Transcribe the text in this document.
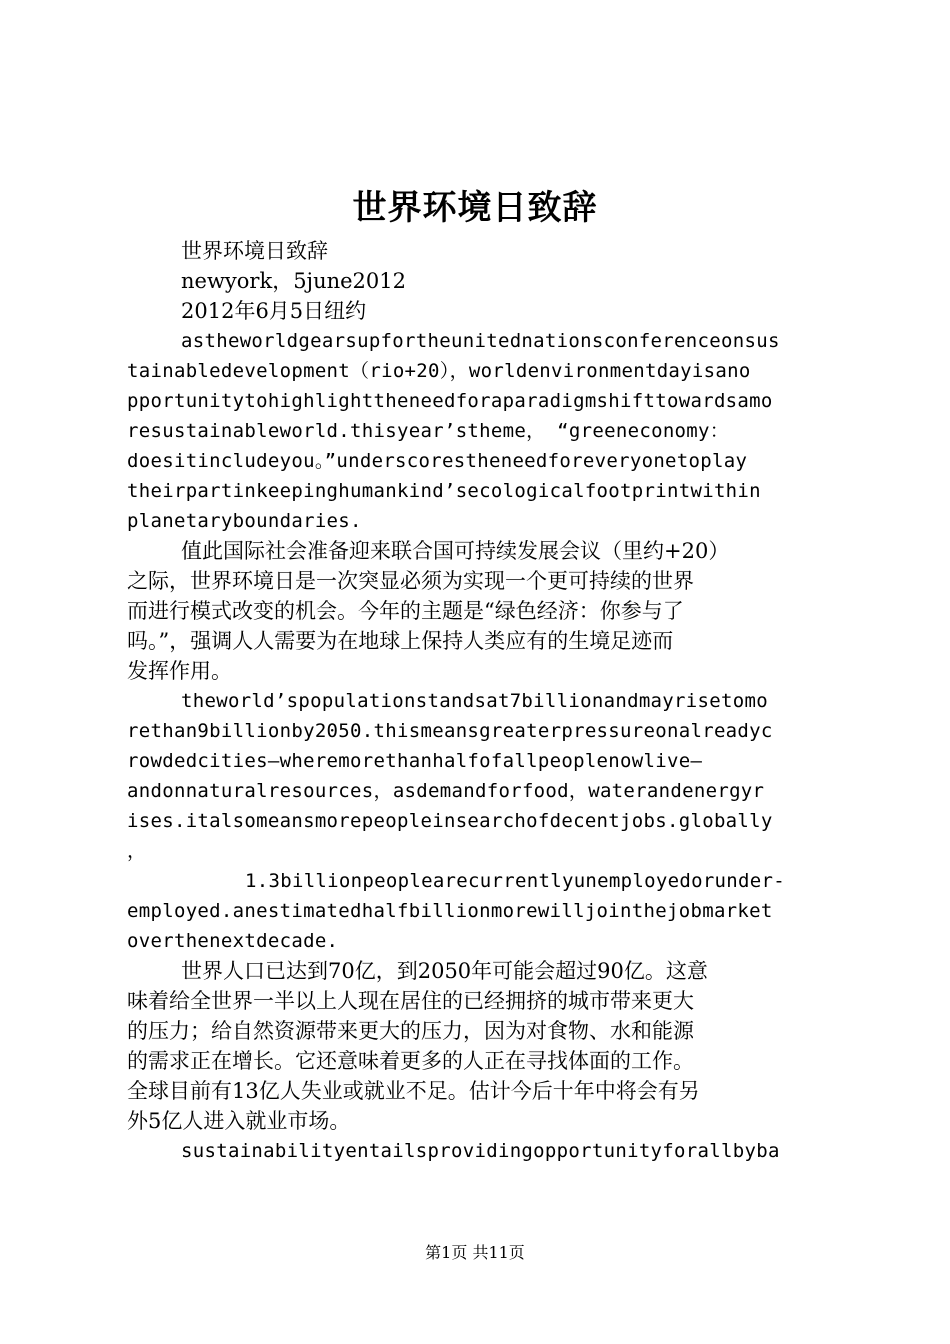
世界环境日致辞
世界环境日致辞
newyork，5june2012
2012年6月5日纽约
astheworldgearsupfortheunitednationsconferenceonsus
tainabledevelopment（rio+20），worldenvironmentdayisano
pportunitytohighlighttheneedforaparadigmshifttowardsamo
resustainableworld.thisyear’stheme， “greeneconomy：
doesitincludeyou。”underscorestheneedforeveryonetoplay
theirpartinkeepinghumankind’secologicalfootprintwithin
planetaryboundaries.
值此国际社会准备迎来联合国可持续发展会议（里约+20）
之际，世界环境日是一次突显必须为实现一个更可持续的世界
而进行模式改变的机会。今年的主题是“绿色经济：你参与了
吗。”，强调人人需要为在地球上保持人类应有的生境足迹而
发挥作用。
theworld’spopulationstandsat7billionandmayrisetomo
rethan9billionby2050.thismeansgreaterpressureonalreadyc
rowdedcities–wheremorethanhalfofallpeoplenowlive–
andonnaturalresources，asdemandforfood，waterandenergyr
ises.italsomeansmorepeopleinsearchofdecentjobs.globally
，
1.3billionpeoplearecurrentlyunemployedorunder-
employed.anestimatedhalfbillionmorewilljointhejobmarket
overthenextdecade.
世界人口已达到70亿，到2050年可能会超过90亿。这意
味着给全世界一半以上人现在居住的已经拥挤的城市带来更大
的压力；给自然资源带来更大的压力，因为对食物、水和能源
的需求正在增长。它还意味着更多的人正在寻找体面的工作。
全球目前有13亿人失业或就业不足。估计今后十年中将会有另
外5亿人进入就业市场。
sustainabilityentailsprovidingopportunityforallbyba
第1页 共11页
